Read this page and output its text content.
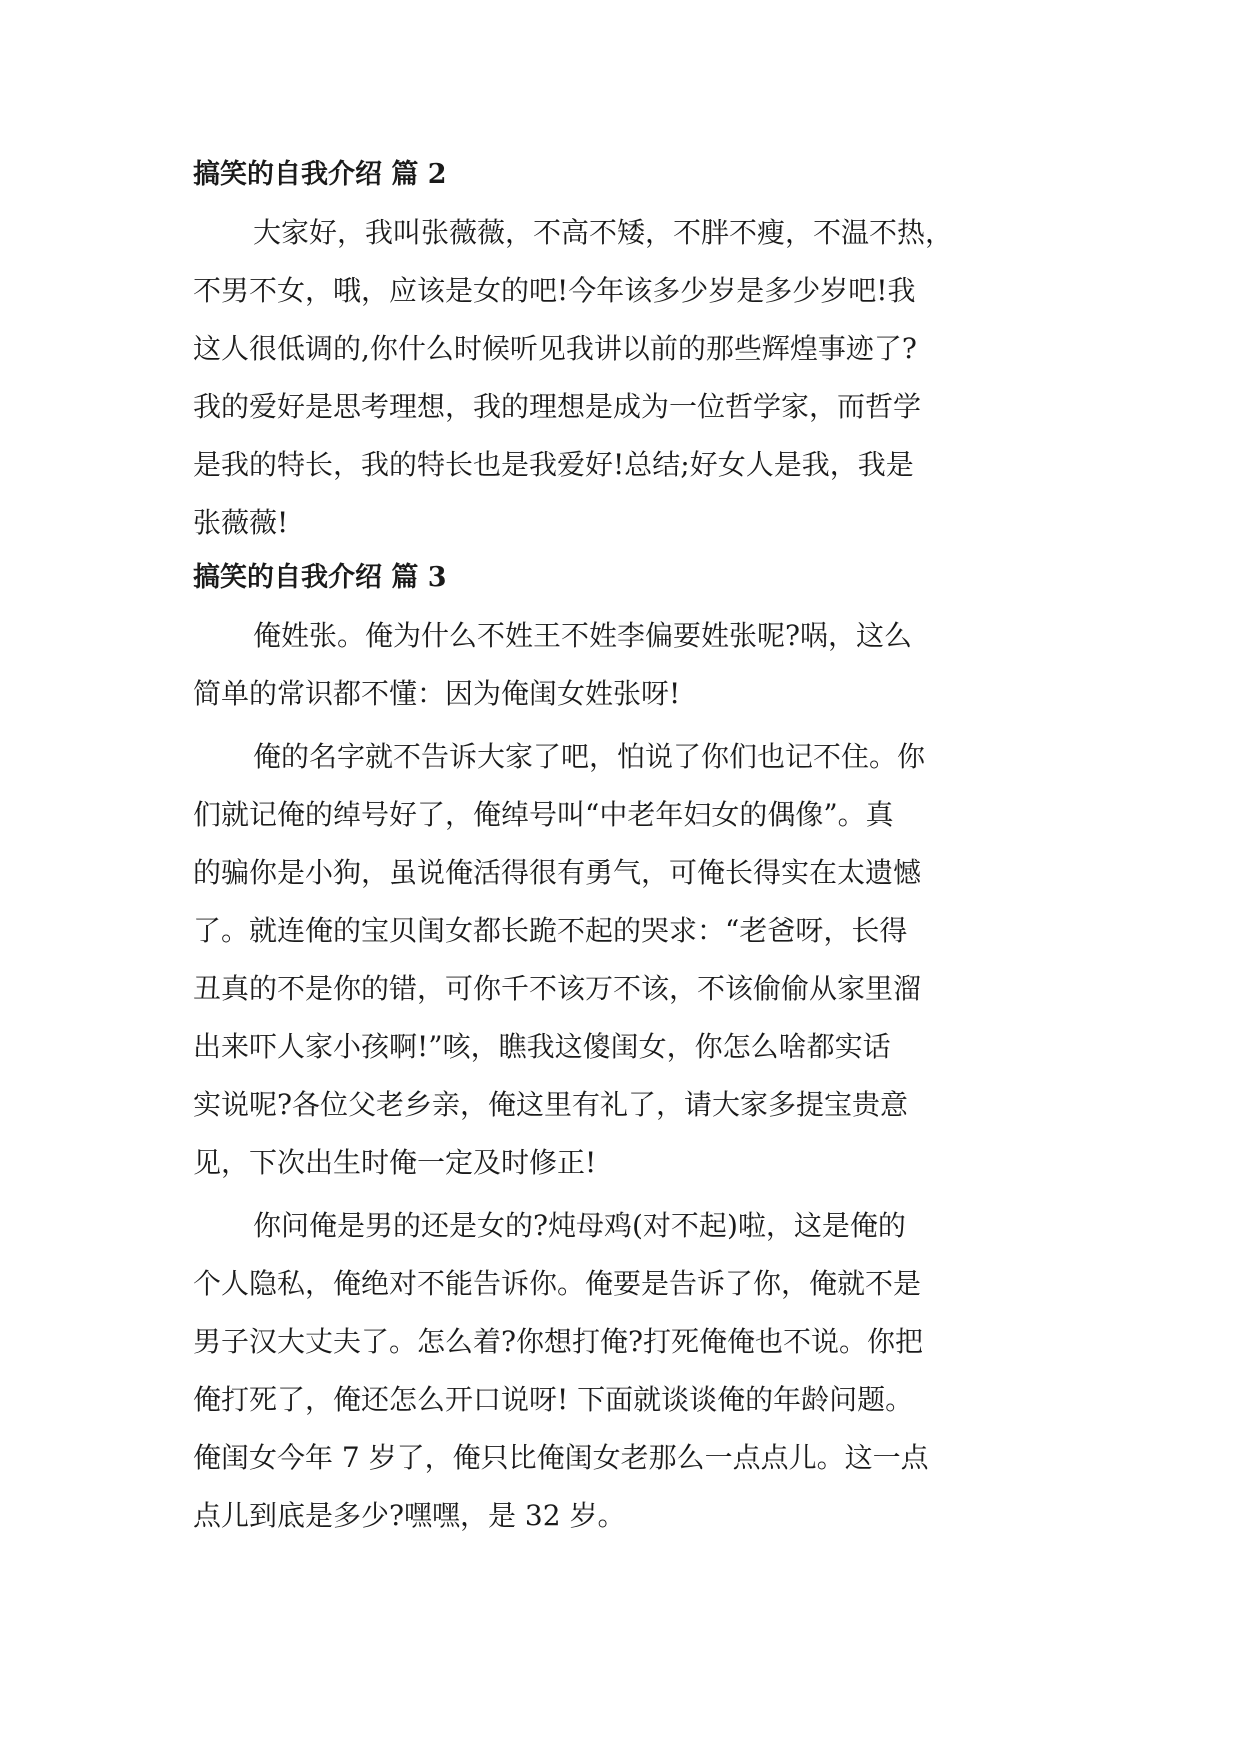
搞笑的自我介绍 篇 2

大家好，我叫张薇薇，不高不矮，不胖不瘦，不温不热，

不男不女，哦，应该是女的吧!今年该多少岁是多少岁吧!我

这人很低调的,你什么时候听见我讲以前的那些辉煌事迹了?

我的爱好是思考理想，我的理想是成为一位哲学家，而哲学

是我的特长，我的特长也是我爱好!总结;好女人是我，我是

张薇薇!

搞笑的自我介绍 篇 3

俺姓张。俺为什么不姓王不姓李偏要姓张呢?㖞，这么

简单的常识都不懂：因为俺闺女姓张呀!

俺的名字就不告诉大家了吧，怕说了你们也记不住。你

们就记俺的绰号好了，俺绰号叫“中老年妇女的偶像”。真

的骗你是小狗，虽说俺活得很有勇气，可俺长得实在太遗憾

了。就连俺的宝贝闺女都长跪不起的哭求：“老爸呀，长得

丑真的不是你的错，可你千不该万不该，不该偷偷从家里溜

出来吓人家小孩啊!”咳，瞧我这傻闺女，你怎么啥都实话

实说呢?各位父老乡亲，俺这里有礼了，请大家多提宝贵意

见，下次出生时俺一定及时修正!

你问俺是男的还是女的?炖母鸡(对不起)啦，这是俺的

个人隐私，俺绝对不能告诉你。俺要是告诉了你，俺就不是

男子汉大丈夫了。怎么着?你想打俺?打死俺俺也不说。你把

俺打死了，俺还怎么开口说呀! 下面就谈谈俺的年龄问题。

俺闺女今年 7 岁了，俺只比俺闺女老那么一点点儿。这一点

点儿到底是多少?嘿嘿，是 32 岁。
